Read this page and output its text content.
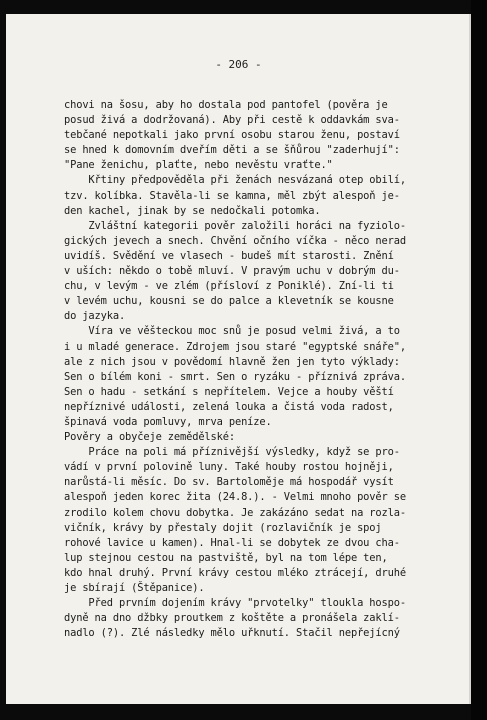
- 206 -
chovi na šosu, aby ho dostala pod pantofel (pověra je
posud živá a dodržovaná). Aby při cestě k oddavkám sva-
tebčané nepotkali jako první osobu starou ženu, postaví
se hned k domovním dveřím děti a se šňůrou "zaderhují":
"Pane ženichu, plaťte, nebo nevěstu vraťte."
Křtiny předpověděla při ženách nesvázaná otep obilí,
tzv. kolíbka. Stavěla-li se kamna, měl zbýt alespoň je-
den kachel, jinak by se nedočkali potomka.
Zvláštní kategorii pověr založili horáci na fyziolo-
gických jevech a snech. Chvění očního víčka - něco nerad
uvidíš. Svědění ve vlasech - budeš mít starosti. Znění
v uších: někdo o tobě mluví. V pravým uchu v dobrým du-
chu, v levým - ve zlém (přísloví z Poniklé). Zní-li ti
v levém uchu, kousni se do palce a klevetník se kousne
do jazyka.
Víra ve věšteckou moc snů je posud velmi živá, a to
i u mladé generace. Zdrojem jsou staré "egyptské snáře",
ale z nich jsou v povědomí hlavně žen jen tyto výklady:
Sen o bílém koni - smrt. Sen o ryzáku - příznivá zpráva.
Sen o hadu - setkání s nepřítelem. Vejce a houby věští
nepříznivé události, zelená louka a čistá voda radost,
špinavá voda pomluvy, mrva peníze.
Pověry a obyčeje zemědělské:
Práce na poli má příznivější výsledky, když se pro-
vádí v první polovině luny. Také houby rostou hojněji,
narůstá-li měsíc. Do sv. Bartoloměje má hospodář vysít
alespoň jeden korec žita (24.8.). - Velmi mnoho pověr se
zrodilo kolem chovu dobytka. Je zakázáno sedat na rozla-
vičník, krávy by přestaly dojit (rozlavičník je spoj
rohové lavice u kamen). Hnal-li se dobytek ze dvou cha-
lup stejnou cestou na pastviště, byl na tom lépe ten,
kdo hnal druhý. První krávy cestou mléko ztrácejí, druhé
je sbírají (Štěpanice).
Před prvním dojením krávy "prvotelky" tloukla hospo-
dyně na dno džbky proutkem z koštěte a pronášela zaklí-
nadlo (?). Zlé následky mělo uřknutí. Stačil nepřejícný
